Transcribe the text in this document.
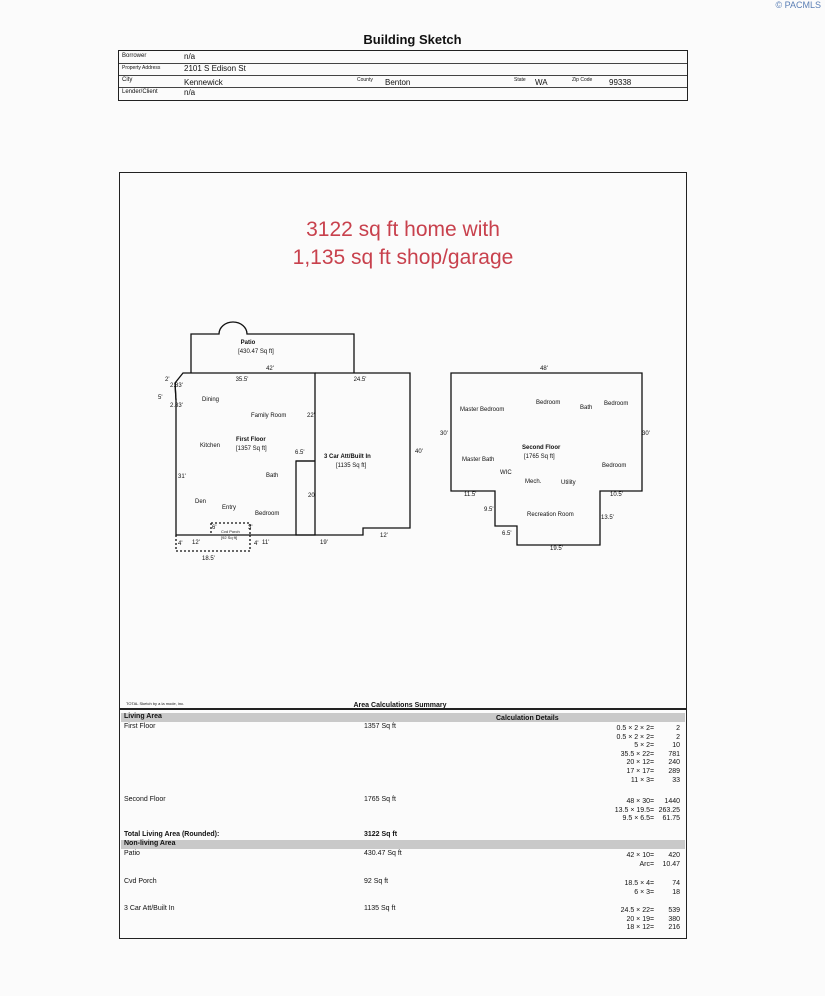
© PACMLS
Building Sketch
Borrower	n/a
Property Address	2101 S Edison St
City	Kennewick	County Benton	State WA	Zip Code 99338
Lender/Client	n/a
3122 sq ft home with
1,135 sq ft shop/garage
Patio
[430.47 Sq ft]
42'
35.5'	24.5'
Dining
Family Room	22'
Kitchen
First Floor
[1357 Sq ft]
6.5'
3 Car Att/Built In
[1135 Sq ft]
40'
Bath
31'
20'
Den
Entry
Bedroom
Cvd Porch
[92 Sq ft]
12'	11'	19'
12'
18.5'
5'
2.83'
2.83'
2'
4'	4'
3'
6'
48'
Master Bedroom
Bedroom
Bath
Bedroom
30'	30'
Second Floor
[1765 Sq ft]
Master Bath
WIC
Mech.	Utility
Bedroom
11.5'	10.5'
Recreation Room	13.5'
9.5'
6.5'
19.5'
TOTAL Sketch by a la mode, inc.	Area Calculations Summary
Living Area	Calculation Details
First Floor	1357 Sq ft	0.5 × 2 × 2 =	2
0.5 × 2 × 2 =	2
5 × 2 =	10
35.5 × 22 =	781
20 × 12 =	240
17 × 17 =	289
11 × 3 =	33
Second Floor	1765 Sq ft	48 × 30 =	1440
13.5 × 19.5 = 263.25
9.5 × 6.5 =	61.75
Total Living Area (Rounded):	3122 Sq ft
Non-living Area
Patio	430.47 Sq ft	42 × 10 =	420
Arc =	10.47
Cvd Porch	92 Sq ft	18.5 × 4 =	74
6 × 3 =	18
3 Car Att/Built In	1135 Sq ft	24.5 × 22 =	539
20 × 19 =	380
18 × 12 =	216
